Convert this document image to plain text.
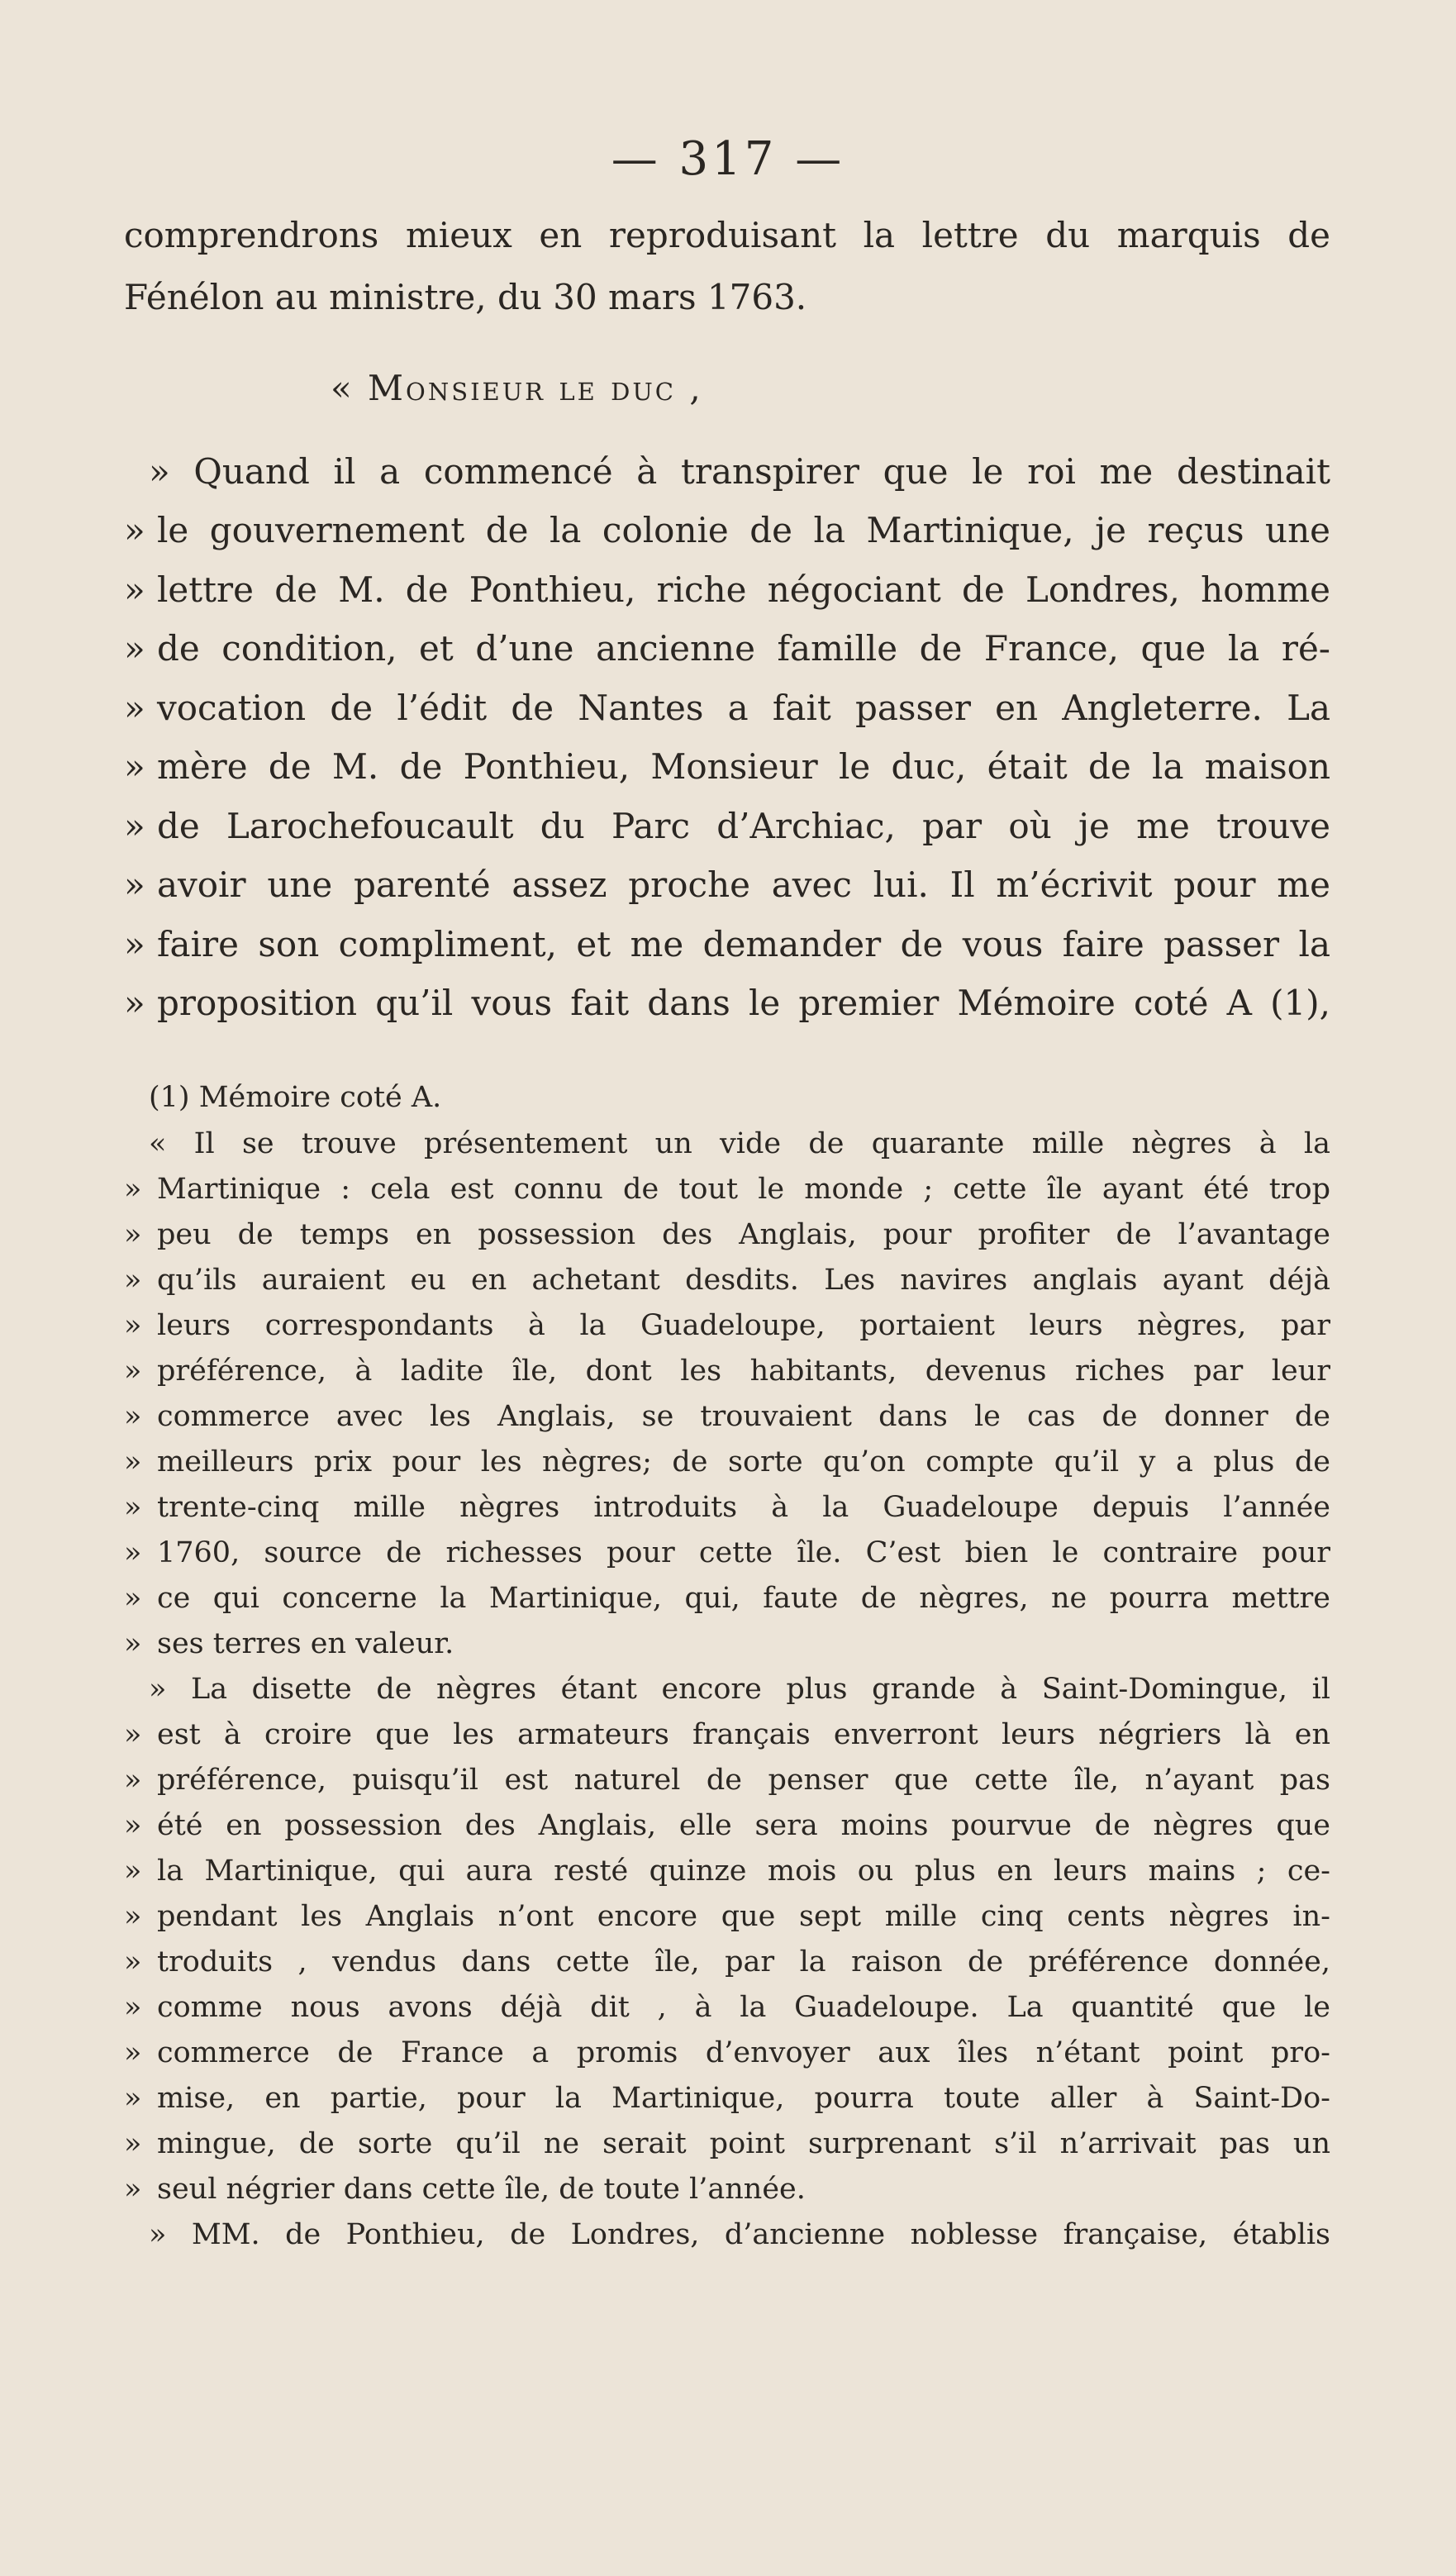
— 317 —
comprendrons mieux en reproduisant la lettre du marquis de
Fénélon au ministre, du 30 mars 1763.
« Monsieur le duc ,
» Quand il a commencé à transpirer que le roi me destinait
» le gouvernement de la colonie de la Martinique, je reçus une
» lettre de M. de Ponthieu, riche négociant de Londres, homme
» de condition, et d’une ancienne famille de France, que la ré-
» vocation de l’édit de Nantes a fait passer en Angleterre. La
» mère de M. de Ponthieu, Monsieur le duc, était de la maison
» de Larochefoucault du Parc d’Archiac, par où je me trouve
» avoir une parenté assez proche avec lui. Il m’écrivit pour me
» faire son compliment, et me demander de vous faire passer la
» proposition qu’il vous fait dans le premier Mémoire coté A (1),
(1) Mémoire coté A.
« Il se trouve présentement un vide de quarante mille nègres à la
» Martinique : cela est connu de tout le monde ; cette île ayant été trop
» peu de temps en possession des Anglais, pour profiter de l’avantage
» qu’ils auraient eu en achetant desdits. Les navires anglais ayant déjà
» leurs correspondants à la Guadeloupe, portaient leurs nègres, par
» préférence, à ladite île, dont les habitants, devenus riches par leur
» commerce avec les Anglais, se trouvaient dans le cas de donner de
» meilleurs prix pour les nègres; de sorte qu’on compte qu’il y a plus de
» trente-cinq mille nègres introduits à la Guadeloupe depuis l’année
» 1760, source de richesses pour cette île. C’est bien le contraire pour
» ce qui concerne la Martinique, qui, faute de nègres, ne pourra mettre
» ses terres en valeur.
» La disette de nègres étant encore plus grande à Saint-Domingue, il
» est à croire que les armateurs français enverront leurs négriers là en
» préférence, puisqu’il est naturel de penser que cette île, n’ayant pas
» été en possession des Anglais, elle sera moins pourvue de nègres que
» la Martinique, qui aura resté quinze mois ou plus en leurs mains ; ce-
» pendant les Anglais n’ont encore que sept mille cinq cents nègres in-
» troduits , vendus dans cette île, par la raison de préférence donnée,
» comme nous avons déjà dit , à la Guadeloupe. La quantité que le
» commerce de France a promis d’envoyer aux îles n’étant point pro-
» mise, en partie, pour la Martinique, pourra toute aller à Saint-Do-
» mingue, de sorte qu’il ne serait point surprenant s’il n’arrivait pas un
» seul négrier dans cette île, de toute l’année.
» MM. de Ponthieu, de Londres, d’ancienne noblesse française, établis
